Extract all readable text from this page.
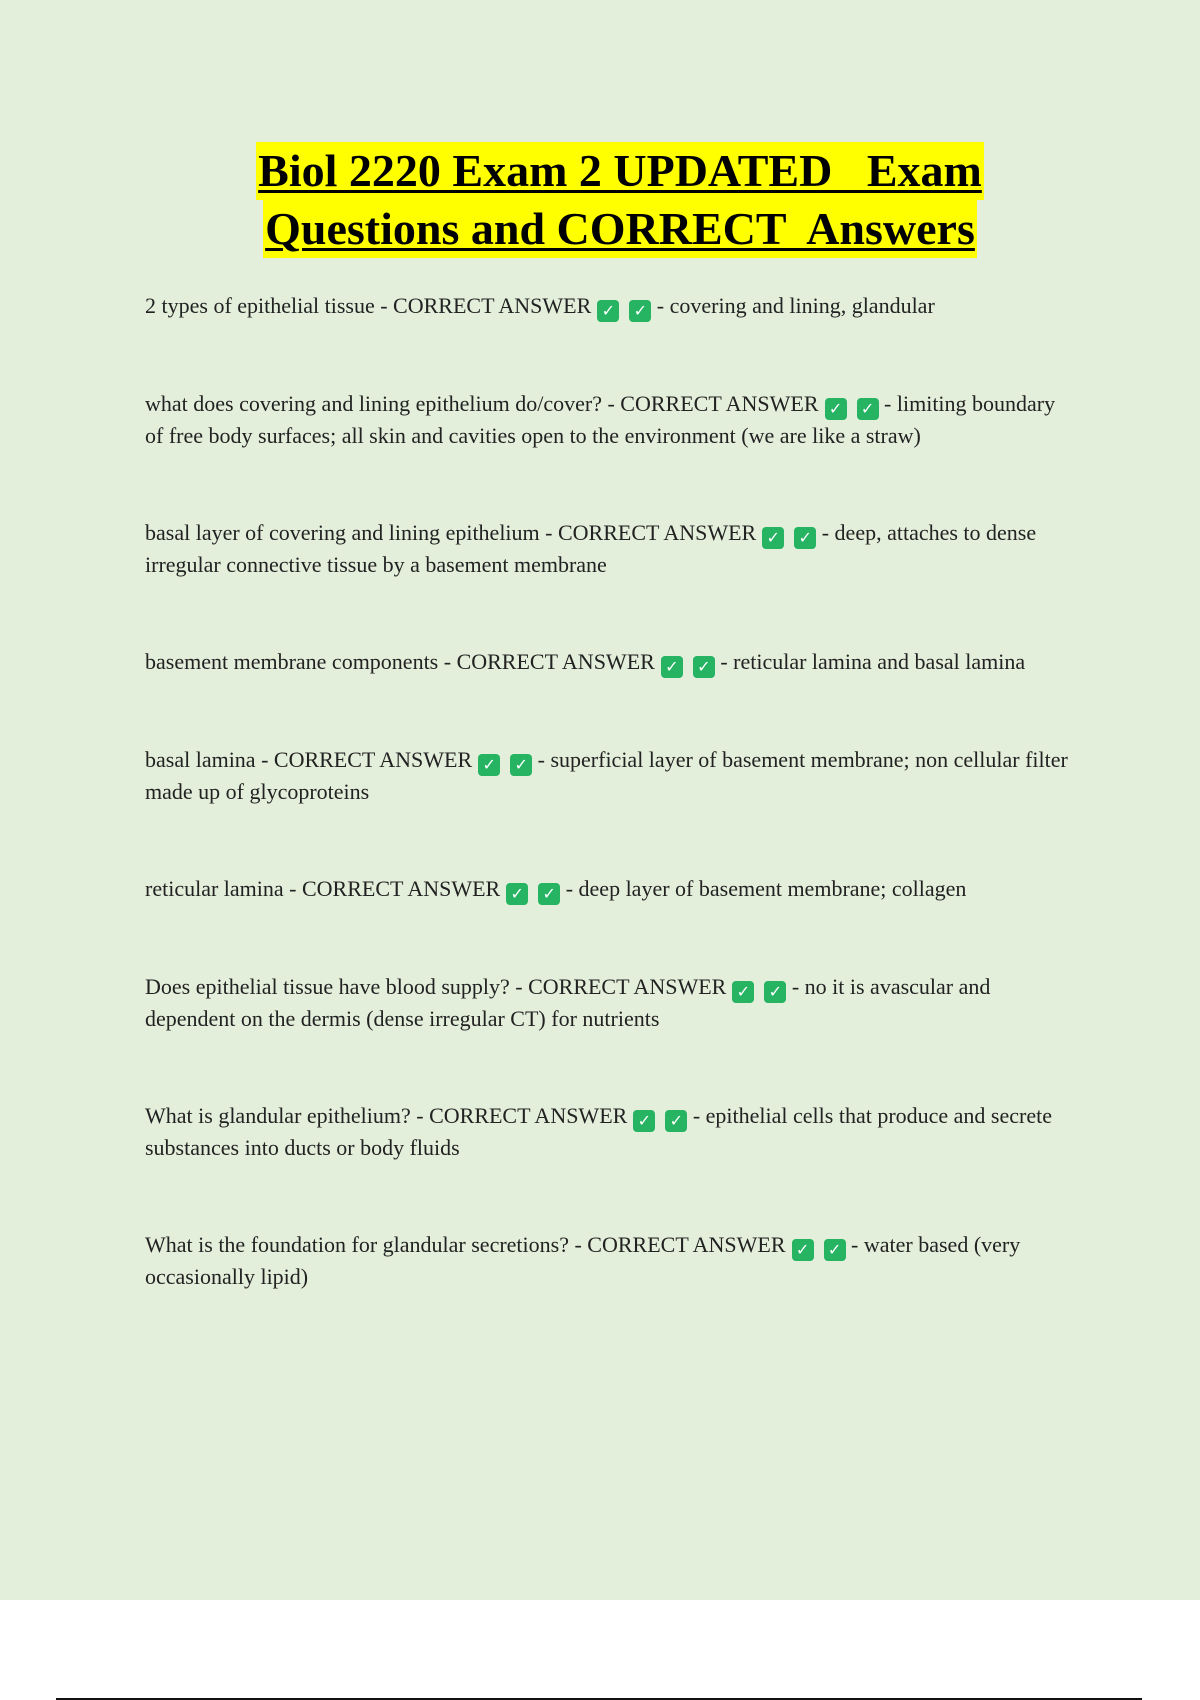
Biol 2220 Exam 2 UPDATED   Exam
Questions and CORRECT  Answers

2 types of epithelial tissue - CORRECT ANSWER ✓ ✓ - covering and lining, glandular

what does covering and lining epithelium do/cover? - CORRECT ANSWER ✓ ✓ - limiting boundary of free body surfaces; all skin and cavities open to the environment (we are like a straw)

basal layer of covering and lining epithelium - CORRECT ANSWER ✓ ✓ - deep, attaches to dense irregular connective tissue by a basement membrane

basement membrane components - CORRECT ANSWER ✓ ✓ - reticular lamina and basal lamina

basal lamina - CORRECT ANSWER ✓ ✓ - superficial layer of basement membrane; non cellular filter made up of glycoproteins

reticular lamina - CORRECT ANSWER ✓ ✓ - deep layer of basement membrane; collagen

Does epithelial tissue have blood supply? - CORRECT ANSWER ✓ ✓ - no it is avascular and dependent on the dermis (dense irregular CT) for nutrients

What is glandular epithelium? - CORRECT ANSWER ✓ ✓ - epithelial cells that produce and secrete substances into ducts or body fluids

What is the foundation for glandular secretions? - CORRECT ANSWER ✓ ✓ - water based (very occasionally lipid)
